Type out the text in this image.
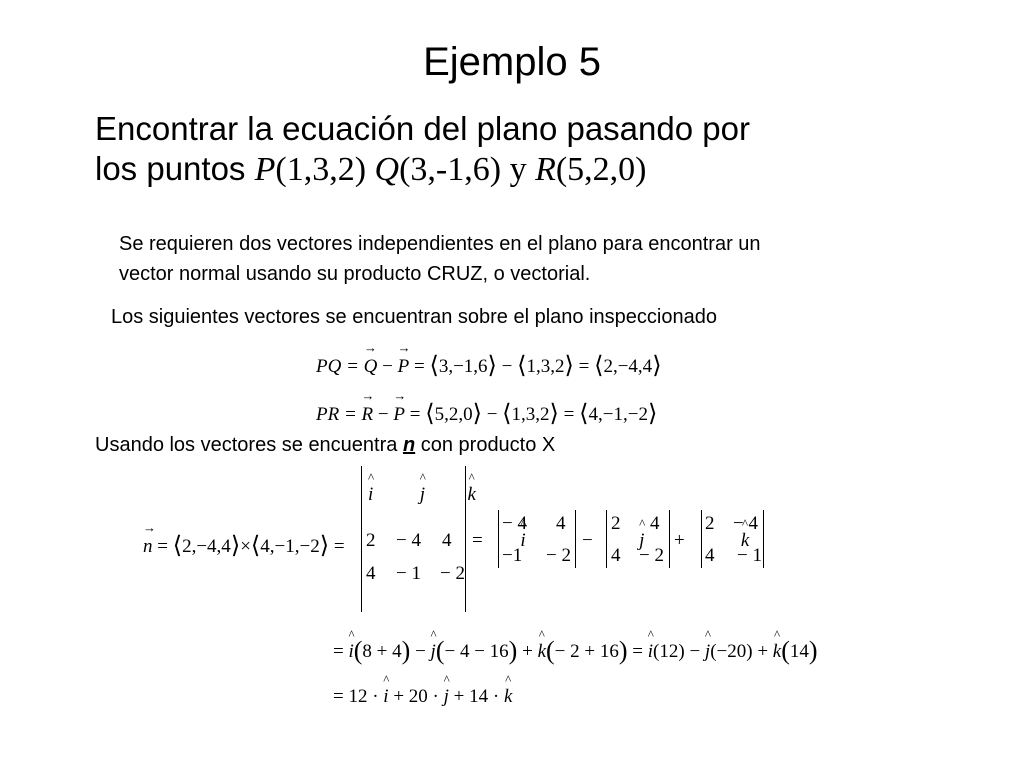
Ejemplo 5
Encontrar la ecuación del plano pasando por
los puntos P(1,3,2) Q(3,-1,6) y R(5,2,0)
Se requieren dos vectores independientes en el plano para encontrar un
vector normal usando su producto CRUZ, o vectorial.
Los siguientes vectores se encuentran sobre el plano inspeccionado
PQ = → Q − → P = ⟨3,−1,6⟩ − ⟨1,3,2⟩ = ⟨2,−4,4⟩
PR = → R − → P = ⟨5,2,0⟩ − ⟨1,3,2⟩ = ⟨4,−1,−2⟩
Usando los vectores se encuentra n con producto X
→ n = ⟨2,−4,4⟩×⟨4,−1,−2⟩ =
^ i ^ j ^ k
2 − 4 4
4 − 1 − 2
= ^ i
− 4 4
−1 − 2
− ^ j
2 4
4 − 2
+	^ k
2 − 4
4 − 1
= ^ i(8 + 4) − ^ j(− 4 − 16) + ^ k(− 2 + 16) = ^ i(12) − ^ j(−20) + ^ k(14)
= 12 · ^ i + 20 · ^ j + 14 · ^ k
